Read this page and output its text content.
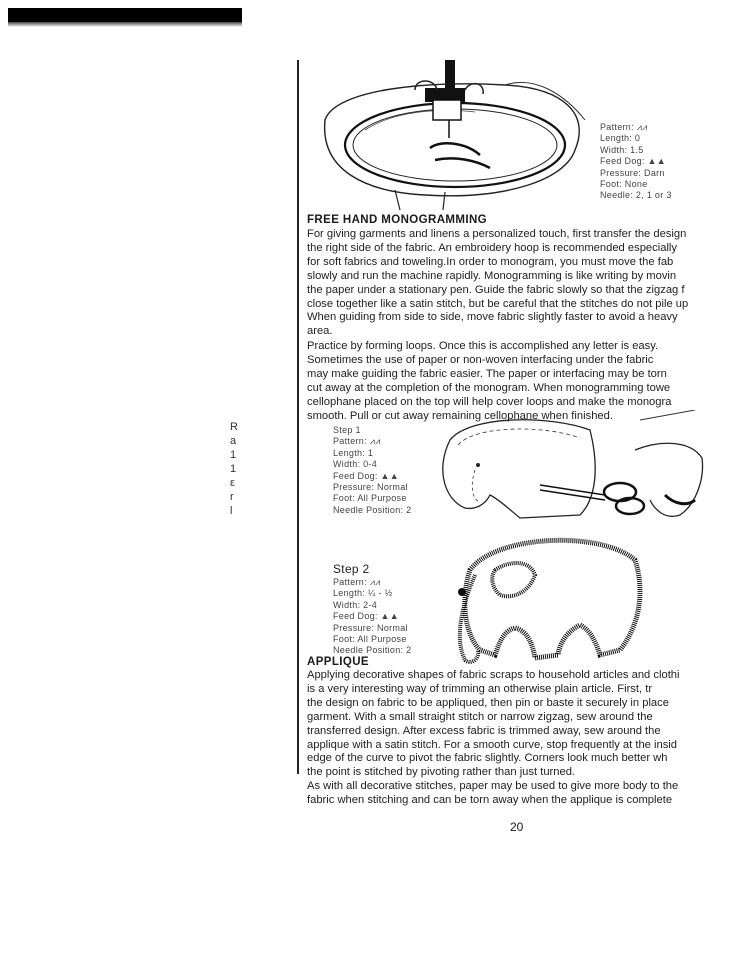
R
a
1
1
ε
r
l
Pattern: ⩘⩘
Length: 0
Width: 1.5
Feed Dog: ▲▲
Pressure: Darn
Foot: None
Needle: 2, 1 or 3
FREE HAND MONOGRAMMING
For giving garments and linens a personalized touch, first transfer the design
the right side of the fabric. An embroidery hoop is recommended especially
for soft fabrics and toweling.In order to monogram, you must move the fab
slowly and run the machine rapidly. Monogramming is like writing by movin
the paper under a stationary pen. Guide the fabric slowly so that the zigzag f
close together like a satin stitch, but be careful that the stitches do not pile up
When guiding from side to side, move fabric slightly faster to avoid a heavy
area.
Practice by forming loops. Once this is accomplished any letter is easy.
Sometimes the use of paper or non-woven interfacing under the fabric
may make guiding the fabric easier. The paper or interfacing may be torn
cut away at the completion of the monogram. When monogramming towe
cellophane placed on the top will help cover loops and make the monogra
smooth. Pull or cut away remaining cellophane when finished.
Step 1
Pattern: ⩘⩘
Length: 1
Width: 0-4
Feed Dog: ▲▲
Pressure: Normal
Foot: All Purpose
Needle Position: 2
Step 2
Pattern: ⩘⩘
Length: ¼ - ½
Width: 2-4
Feed Dog: ▲▲
Pressure: Normal
Foot: All Purpose
Needle Position: 2
APPLIQUE
Applying decorative shapes of fabric scraps to household articles and clothi
is a very interesting way of trimming an otherwise plain article. First, tr
the design on fabric to be appliqued, then pin or baste it securely in place
garment. With a small straight stitch or narrow zigzag, sew around the
transferred design. After excess fabric is trimmed away, sew around the
applique with a satin stitch. For a smooth curve, stop frequently at the insid
edge of the curve to pivot the fabric slightly. Corners look much better wh
the point is stitched by pivoting rather than just turned.
As with all decorative stitches, paper may be used to give more body to the
fabric when stitching and can be torn away when the applique is complete
20
